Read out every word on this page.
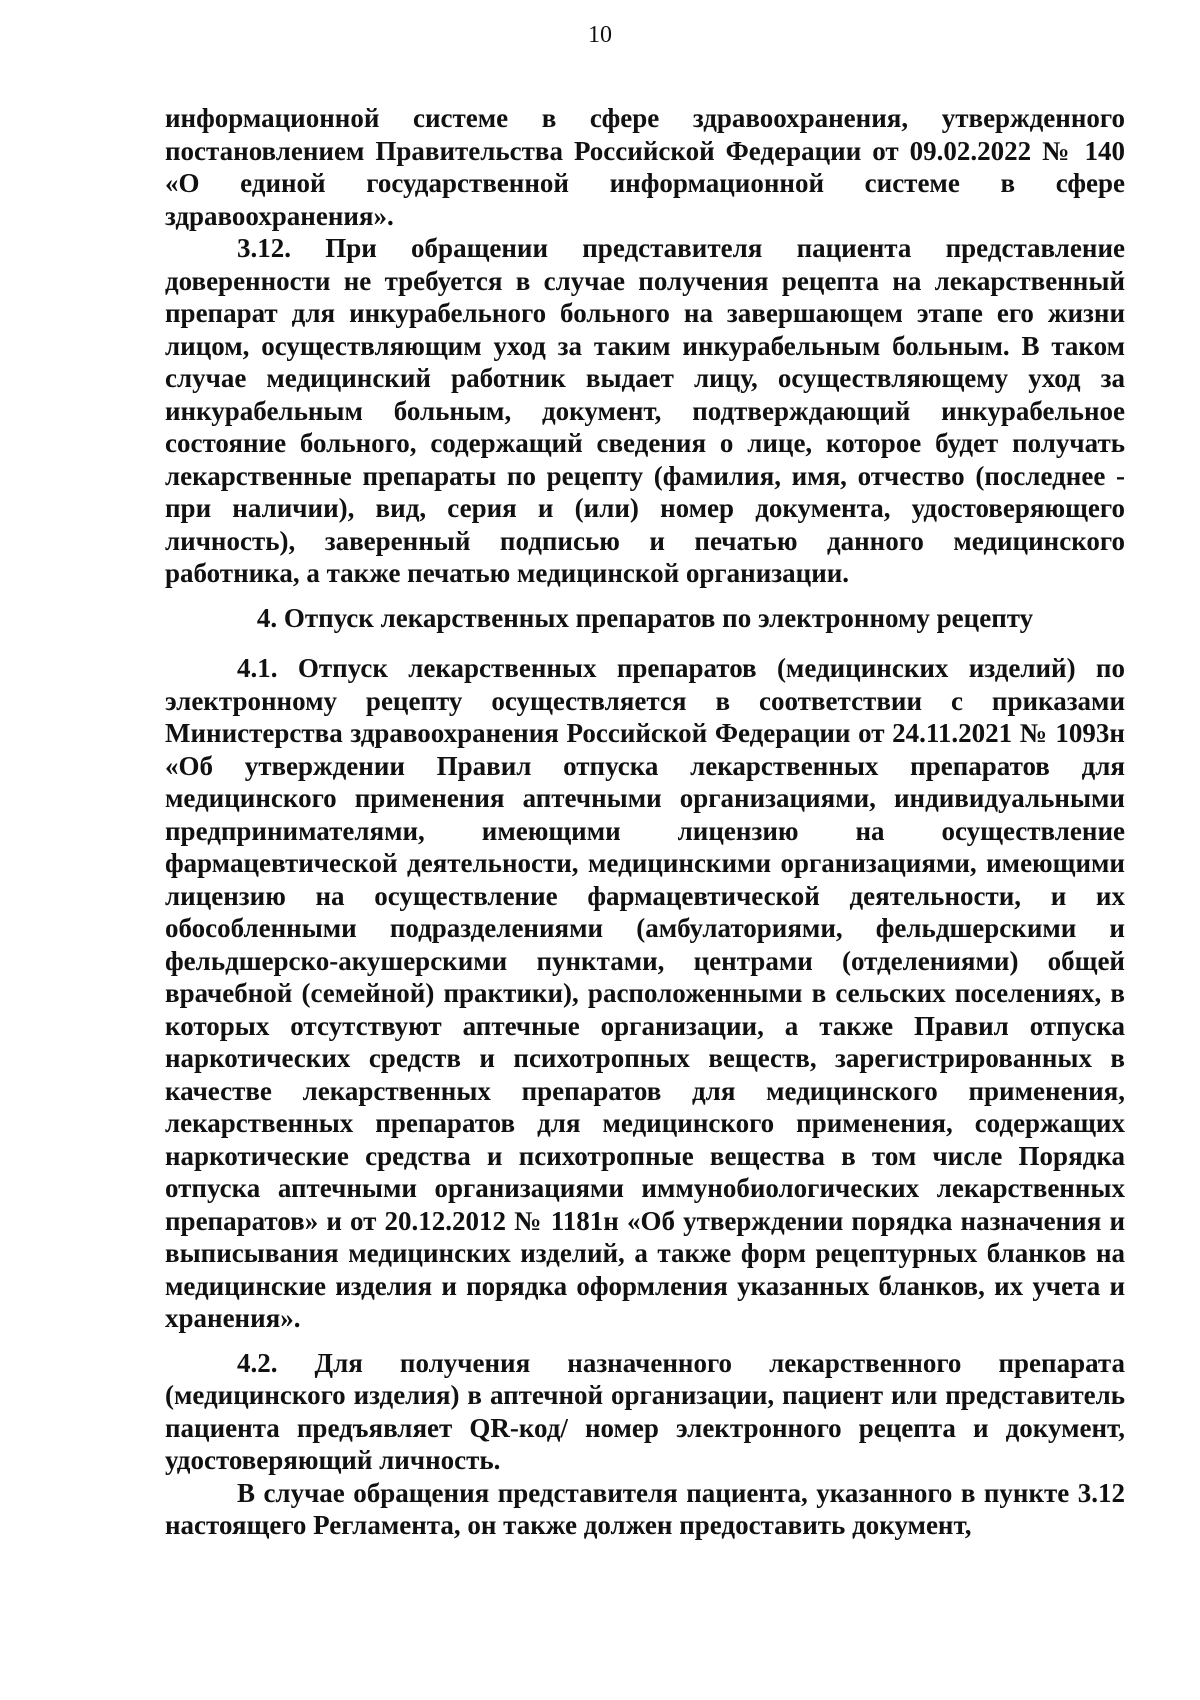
10

информационной системе в сфере здравоохранения, утвержденного постановлением Правительства Российской Федерации от 09.02.2022 № 140 «О единой государственной информационной системе в сфере здравоохранения».

3.12. При обращении представителя пациента представление доверенности не требуется в случае получения рецепта на лекарственный препарат для инкурабельного больного на завершающем этапе его жизни лицом, осуществляющим уход за таким инкурабельным больным. В таком случае медицинский работник выдает лицу, осуществляющему уход за инкурабельным больным, документ, подтверждающий инкурабельное состояние больного, содержащий сведения о лице, которое будет получать лекарственные препараты по рецепту (фамилия, имя, отчество (последнее - при наличии), вид, серия и (или) номер документа, удостоверяющего личность), заверенный подписью и печатью данного медицинского работника, а также печатью медицинской организации.

4. Отпуск лекарственных препаратов по электронному рецепту

4.1. Отпуск лекарственных препаратов (медицинских изделий) по электронному рецепту осуществляется в соответствии с приказами Министерства здравоохранения Российской Федерации от 24.11.2021 № 1093н «Об утверждении Правил отпуска лекарственных препаратов для медицинского применения аптечными организациями, индивидуальными предпринимателями, имеющими лицензию на осуществление фармацевтической деятельности, медицинскими организациями, имеющими лицензию на осуществление фармацевтической деятельности, и их обособленными подразделениями (амбулаториями, фельдшерскими и фельдшерско-акушерскими пунктами, центрами (отделениями) общей врачебной (семейной) практики), расположенными в сельских поселениях, в которых отсутствуют аптечные организации, а также Правил отпуска наркотических средств и психотропных веществ, зарегистрированных в качестве лекарственных препаратов для медицинского применения, лекарственных препаратов для медицинского применения, содержащих наркотические средства и психотропные вещества в том числе Порядка отпуска аптечными организациями иммунобиологических лекарственных препаратов» и от 20.12.2012 № 1181н «Об утверждении порядка назначения и выписывания медицинских изделий, а также форм рецептурных бланков на медицинские изделия и порядка оформления указанных бланков, их учета и хранения».

4.2. Для получения назначенного лекарственного препарата (медицинского изделия) в аптечной организации, пациент или представитель пациента предъявляет QR-код/ номер электронного рецепта и документ, удостоверяющий личность.

В случае обращения представителя пациента, указанного в пункте 3.12 настоящего Регламента, он также должен предоставить документ,
